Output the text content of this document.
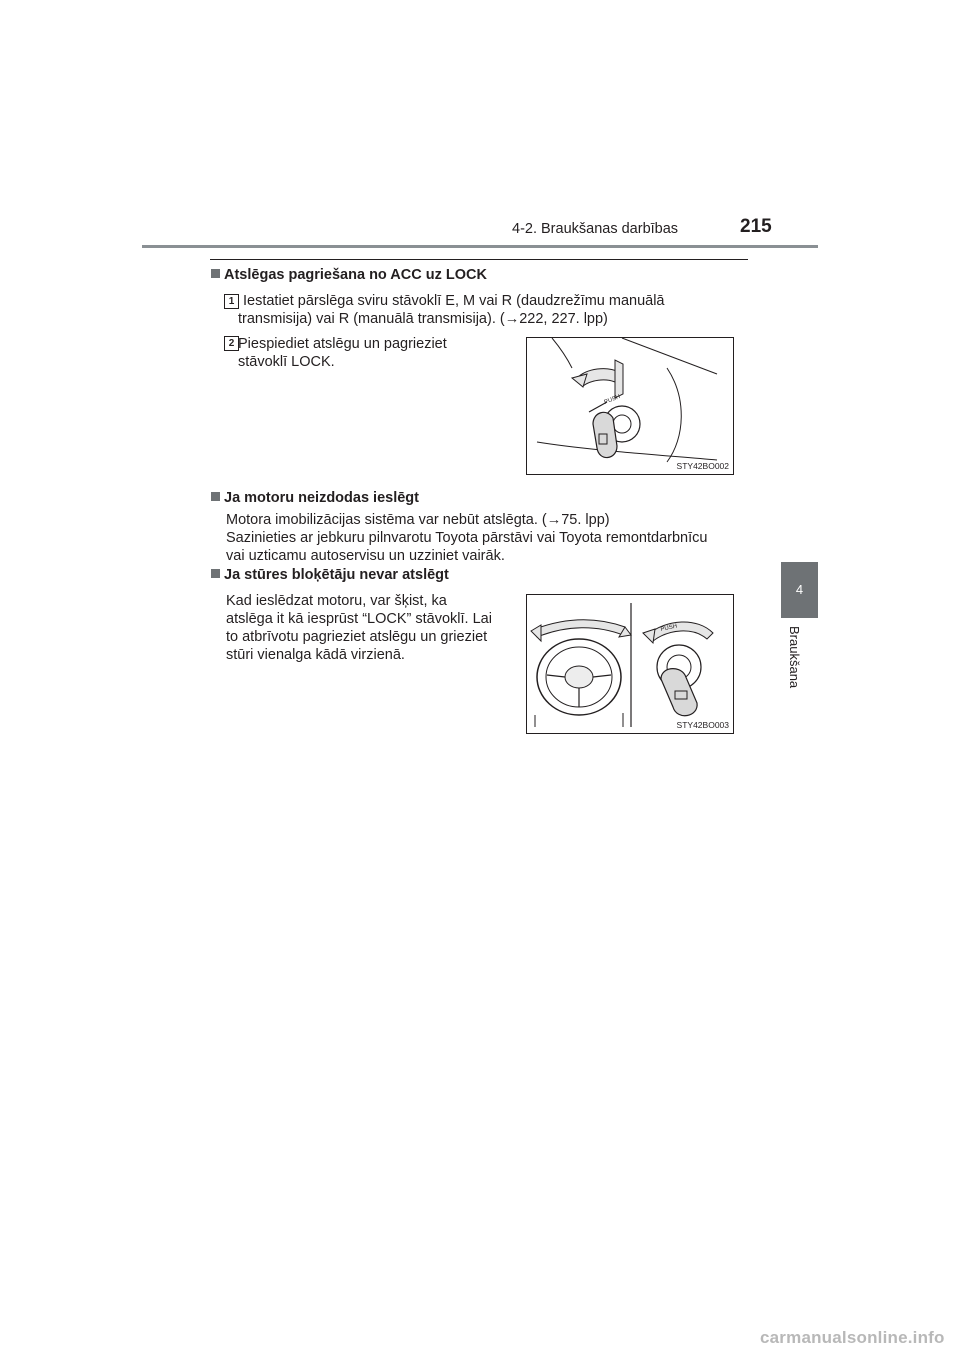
4-2. Braukšanas darbības	215
4
Braukšana
Atslēgas pagriešana no ACC uz LOCK
1 Iestatiet pārslēga sviru stāvoklī E, M vai R (daudzrežīmu manuālā
transmisija) vai R (manuālā transmisija). (→222, 227. lpp)
2 Piespiediet atslēgu un pagrieziet
stāvoklī LOCK.
PUSH
STY42BO002
Ja motoru neizdodas ieslēgt
Motora imobilizācijas sistēma var nebūt atslēgta. (→75. lpp)
Sazinieties ar jebkuru pilnvarotu Toyota pārstāvi vai Toyota remontdarbnīcu
vai uzticamu autoservisu un uzziniet vairāk.
Ja stūres bloķētāju nevar atslēgt
Kad ieslēdzat motoru, var šķist, ka
atslēga it kā iesprūst “LOCK” stāvoklī. Lai
to atbrīvotu pagrieziet atslēgu un grieziet
stūri vienalga kādā virzienā.
PUSH
STY42BO003
carmanualsonline.info
